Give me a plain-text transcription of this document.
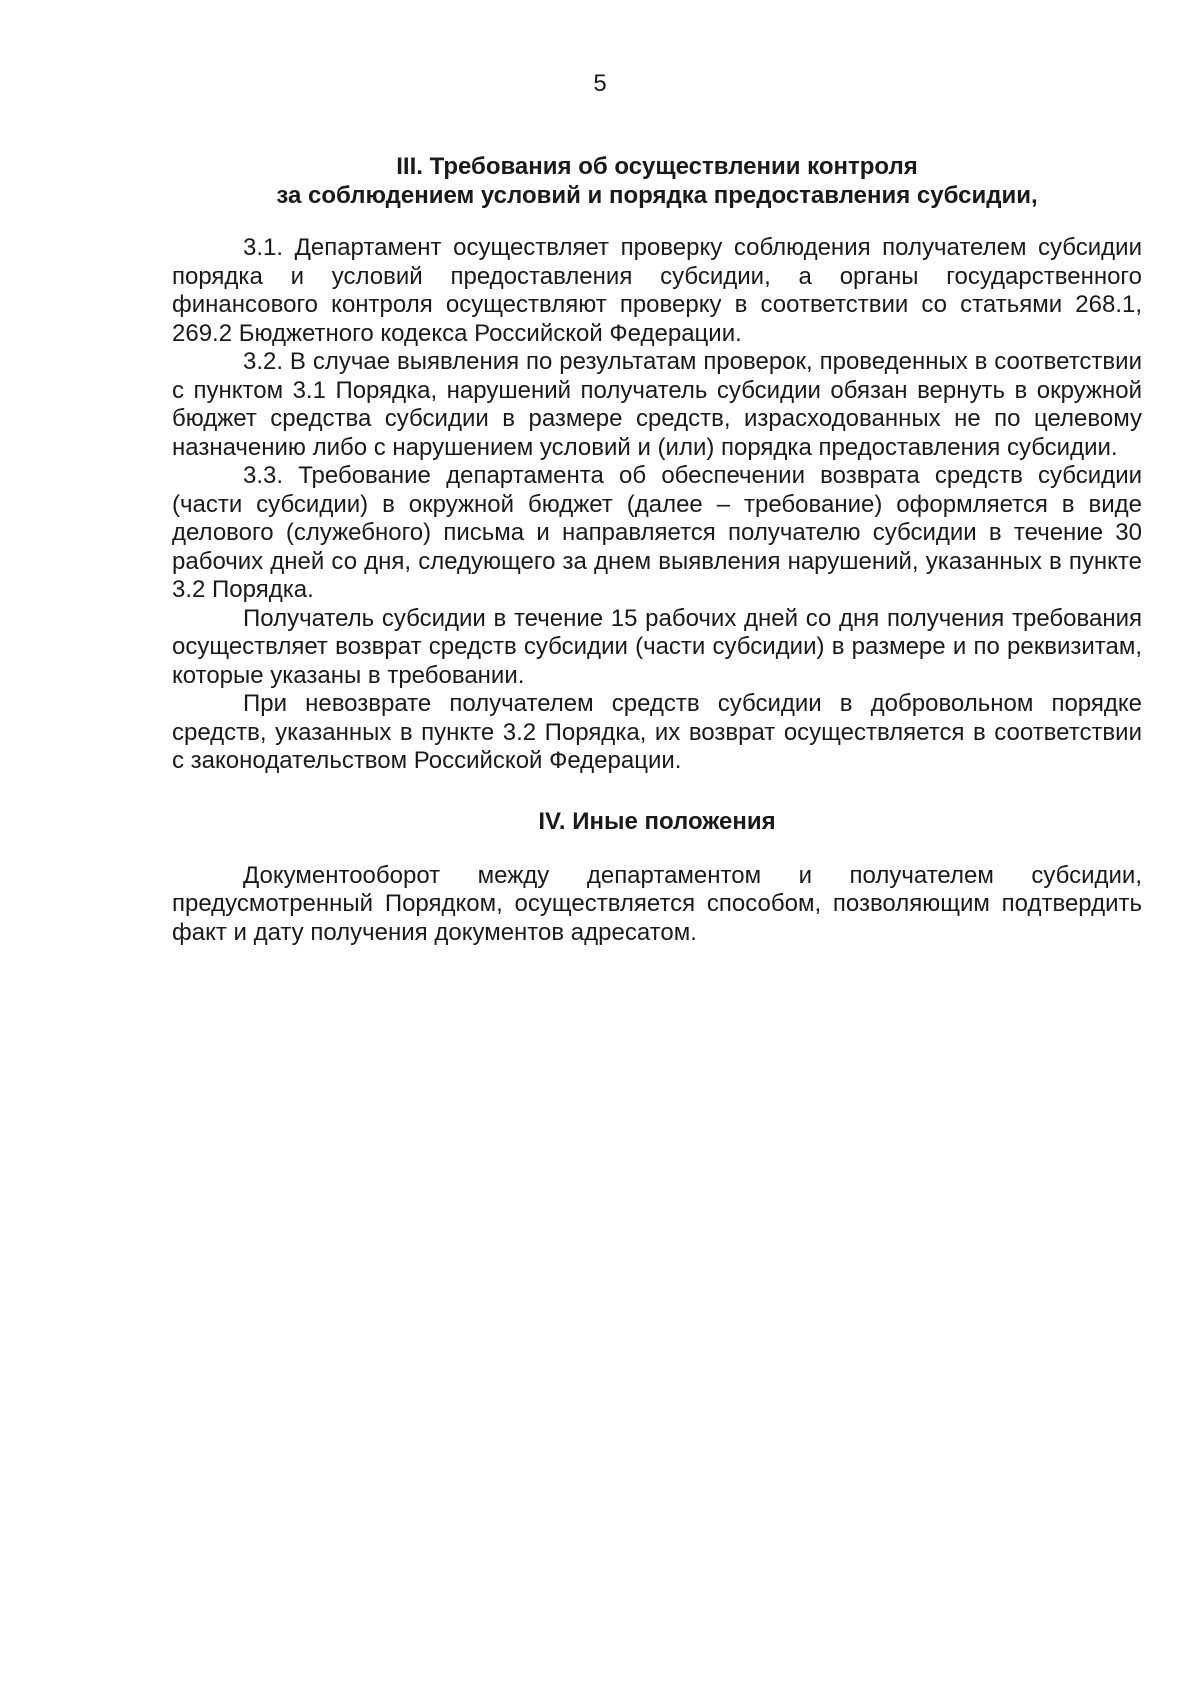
5
III. Требования об осуществлении контроля
за соблюдением условий и порядка предоставления субсидии,

3.1. Департамент осуществляет проверку соблюдения получателем субсидии порядка и условий предоставления субсидии, а органы государственного финансового контроля осуществляют проверку в соответствии со статьями 268.1, 269.2 Бюджетного кодекса Российской Федерации.

3.2. В случае выявления по результатам проверок, проведенных в соответствии с пунктом 3.1 Порядка, нарушений получатель субсидии обязан вернуть в окружной бюджет средства субсидии в размере средств, израсходованных не по целевому назначению либо с нарушением условий и (или) порядка предоставления субсидии.

3.3. Требование департамента об обеспечении возврата средств субсидии (части субсидии) в окружной бюджет (далее – требование) оформляется в виде делового (служебного) письма и направляется получателю субсидии в течение 30 рабочих дней со дня, следующего за днем выявления нарушений, указанных в пункте 3.2 Порядка.

Получатель субсидии в течение 15 рабочих дней со дня получения требования осуществляет возврат средств субсидии (части субсидии) в размере и по реквизитам, которые указаны в требовании.

При невозврате получателем средств субсидии в добровольном порядке средств, указанных в пункте 3.2 Порядка, их возврат осуществляется в соответствии с законодательством Российской Федерации.

IV. Иные положения

Документооборот между департаментом и получателем субсидии, предусмотренный Порядком, осуществляется способом, позволяющим подтвердить факт и дату получения документов адресатом.
